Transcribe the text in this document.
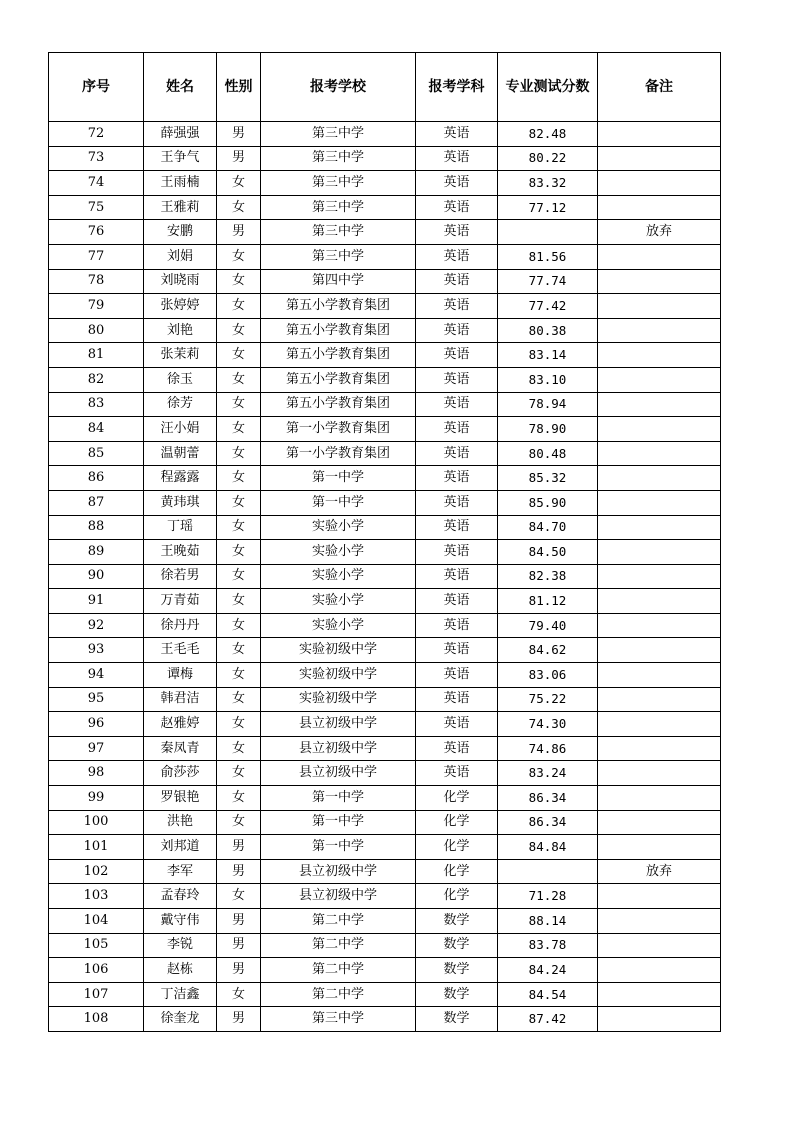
序号	姓名	性别	报考学校	报考学科	专业测试分数	备注
72	薛强强	男	第三中学	英语	82.48	
73	王争气	男	第三中学	英语	80.22	
74	王雨楠	女	第三中学	英语	83.32	
75	王雅莉	女	第三中学	英语	77.12	
76	安鹏	男	第三中学	英语		放弃
77	刘娟	女	第三中学	英语	81.56	
78	刘晓雨	女	第四中学	英语	77.74	
79	张婷婷	女	第五小学教育集团	英语	77.42	
80	刘艳	女	第五小学教育集团	英语	80.38	
81	张茉莉	女	第五小学教育集团	英语	83.14	
82	徐玉	女	第五小学教育集团	英语	83.10	
83	徐芳	女	第五小学教育集团	英语	78.94	
84	汪小娟	女	第一小学教育集团	英语	78.90	
85	温朝蕾	女	第一小学教育集团	英语	80.48	
86	程露露	女	第一中学	英语	85.32	
87	黄玮琪	女	第一中学	英语	85.90	
88	丁瑶	女	实验小学	英语	84.70	
89	王晚茹	女	实验小学	英语	84.50	
90	徐若男	女	实验小学	英语	82.38	
91	万青茹	女	实验小学	英语	81.12	
92	徐丹丹	女	实验小学	英语	79.40	
93	王毛毛	女	实验初级中学	英语	84.62	
94	谭梅	女	实验初级中学	英语	83.06	
95	韩君洁	女	实验初级中学	英语	75.22	
96	赵雅婷	女	县立初级中学	英语	74.30	
97	秦凤青	女	县立初级中学	英语	74.86	
98	俞莎莎	女	县立初级中学	英语	83.24	
99	罗银艳	女	第一中学	化学	86.34	
100	洪艳	女	第一中学	化学	86.34	
101	刘邦道	男	第一中学	化学	84.84	
102	李军	男	县立初级中学	化学		放弃
103	孟春玲	女	县立初级中学	化学	71.28	
104	戴守伟	男	第二中学	数学	88.14	
105	李锐	男	第二中学	数学	83.78	
106	赵栋	男	第二中学	数学	84.24	
107	丁洁鑫	女	第二中学	数学	84.54	
108	徐奎龙	男	第三中学	数学	87.42	
